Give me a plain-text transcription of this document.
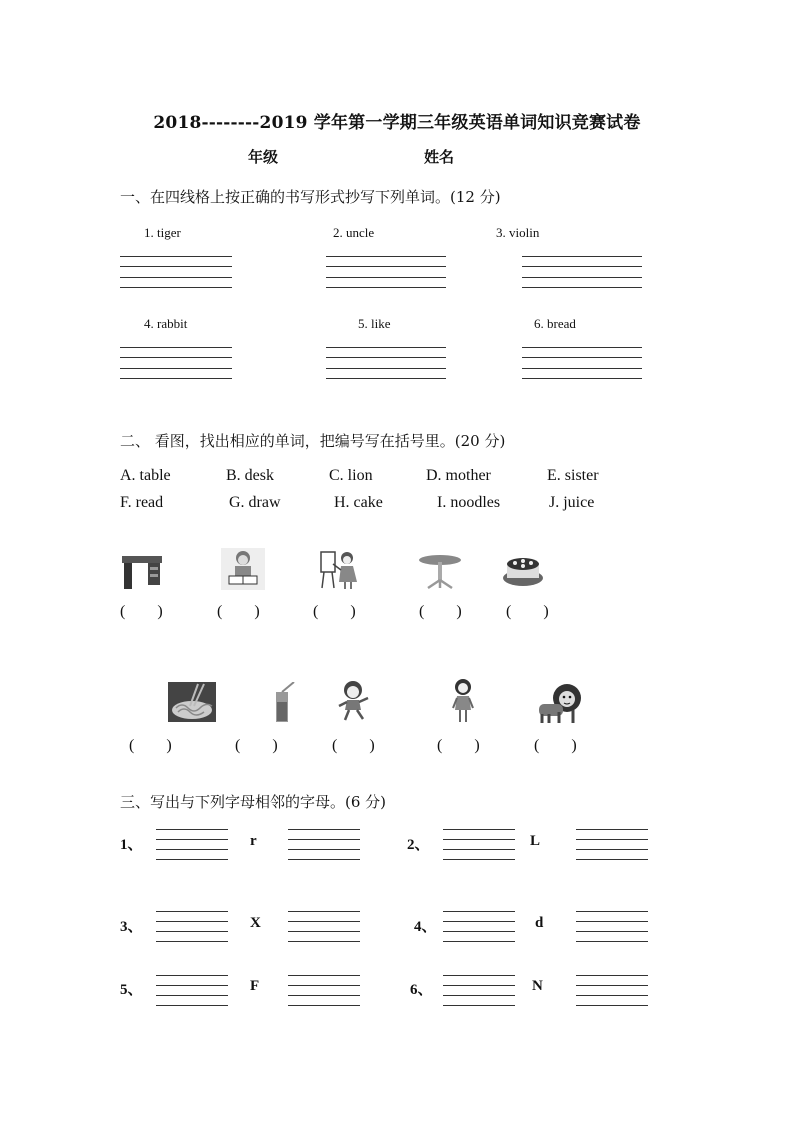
2018--------2019 学年第一学期三年级英语单词知识竞赛试卷
年级	姓名
一、在四线格上按正确的书写形式抄写下列单词。(12 分)
1. tiger	2. uncle	3. violin
4. rabbit	5. like	6. bread
二、 看图，找出相应的单词，把编号写在括号里。(20 分)
A. table	B. desk	C. lion	D. mother	E. sister
F. read	G. draw	H. cake	I. noodles	J. juice
(        )	(        )	(        )	(        )	(        )
(        )	(        )	(        )	(        )	(        )
三、写出与下列字母相邻的字母。(6 分)
1、	r	2、	L
3、	X	4、	d
5、	F	6、	N
